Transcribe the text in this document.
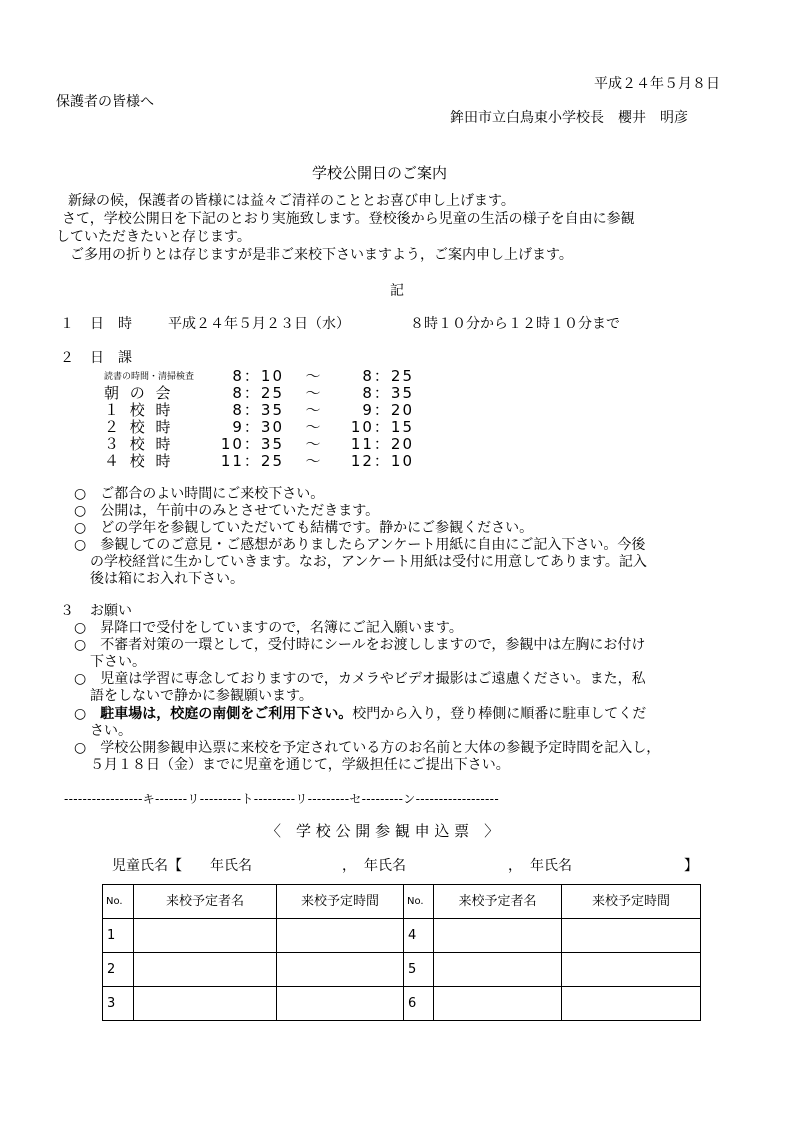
平成２４年５月８日
保護者の皆様へ
鉾田市立白鳥東小学校長　櫻井　明彦
学校公開日のご案内
新緑の候，保護者の皆様には益々ご清祥のこととお喜び申し上げます。
さて，学校公開日を下記のとおり実施致します。登校後から児童の生活の様子を自由に参観
していただきたいと存じます。
ご多用の折りとは存じますが是非ご来校下さいますよう，ご案内申し上げます。
記
１ 日　時	平成２４年５月２３日（水）	８時１０分から１２時１０分まで
２ 日　課
読書の時間・清掃検査	8：10 〜	8：25
朝 の 会	8：25 〜	8：35
１ 校 時	8：35 〜	9：20
２ 校 時	9：30 〜 10：15
３ 校 時	10：35 〜 11：20
４ 校 時	11：25 〜 12：10
○　ご都合のよい時間にご来校下さい。
○　公開は，午前中のみとさせていただきます。
○　どの学年を参観していただいても結構です。静かにご参観ください。
○　参観してのご意見・ご感想がありましたらアンケート用紙に自由にご記入下さい。今後
の学校経営に生かしていきます。なお，アンケート用紙は受付に用意してあります。記入
後は箱にお入れ下さい。
３ お願い
○　昇降口で受付をしていますので，名簿にご記入願います。
○　不審者対策の一環として，受付時にシールをお渡ししますので，参観中は左胸にお付け
下さい。
○　児童は学習に専念しておりますので，カメラやビデオ撮影はご遠慮ください。また，私
語をしないで静かに参観願います。
○　駐車場は，校庭の南側をご利用下さい。校門から入り，登り棒側に順番に駐車してくだ
さい。
○　学校公開参観申込票に来校を予定されている方のお名前と大体の参観予定時間を記入し，
５月１８日（金）までに児童を通じて，学級担任にご提出下さい。
-----------------キ-------リ---------ト---------リ---------セ---------ン------------------
〈　学 校 公 開 参 観 申 込 票　〉
児童氏名【 年氏名	， 年氏名	， 年氏名	】
No.	来校予定者名	来校予定時間	No.	来校予定者名	来校予定時間
1			4		
2			5		
3			6		
